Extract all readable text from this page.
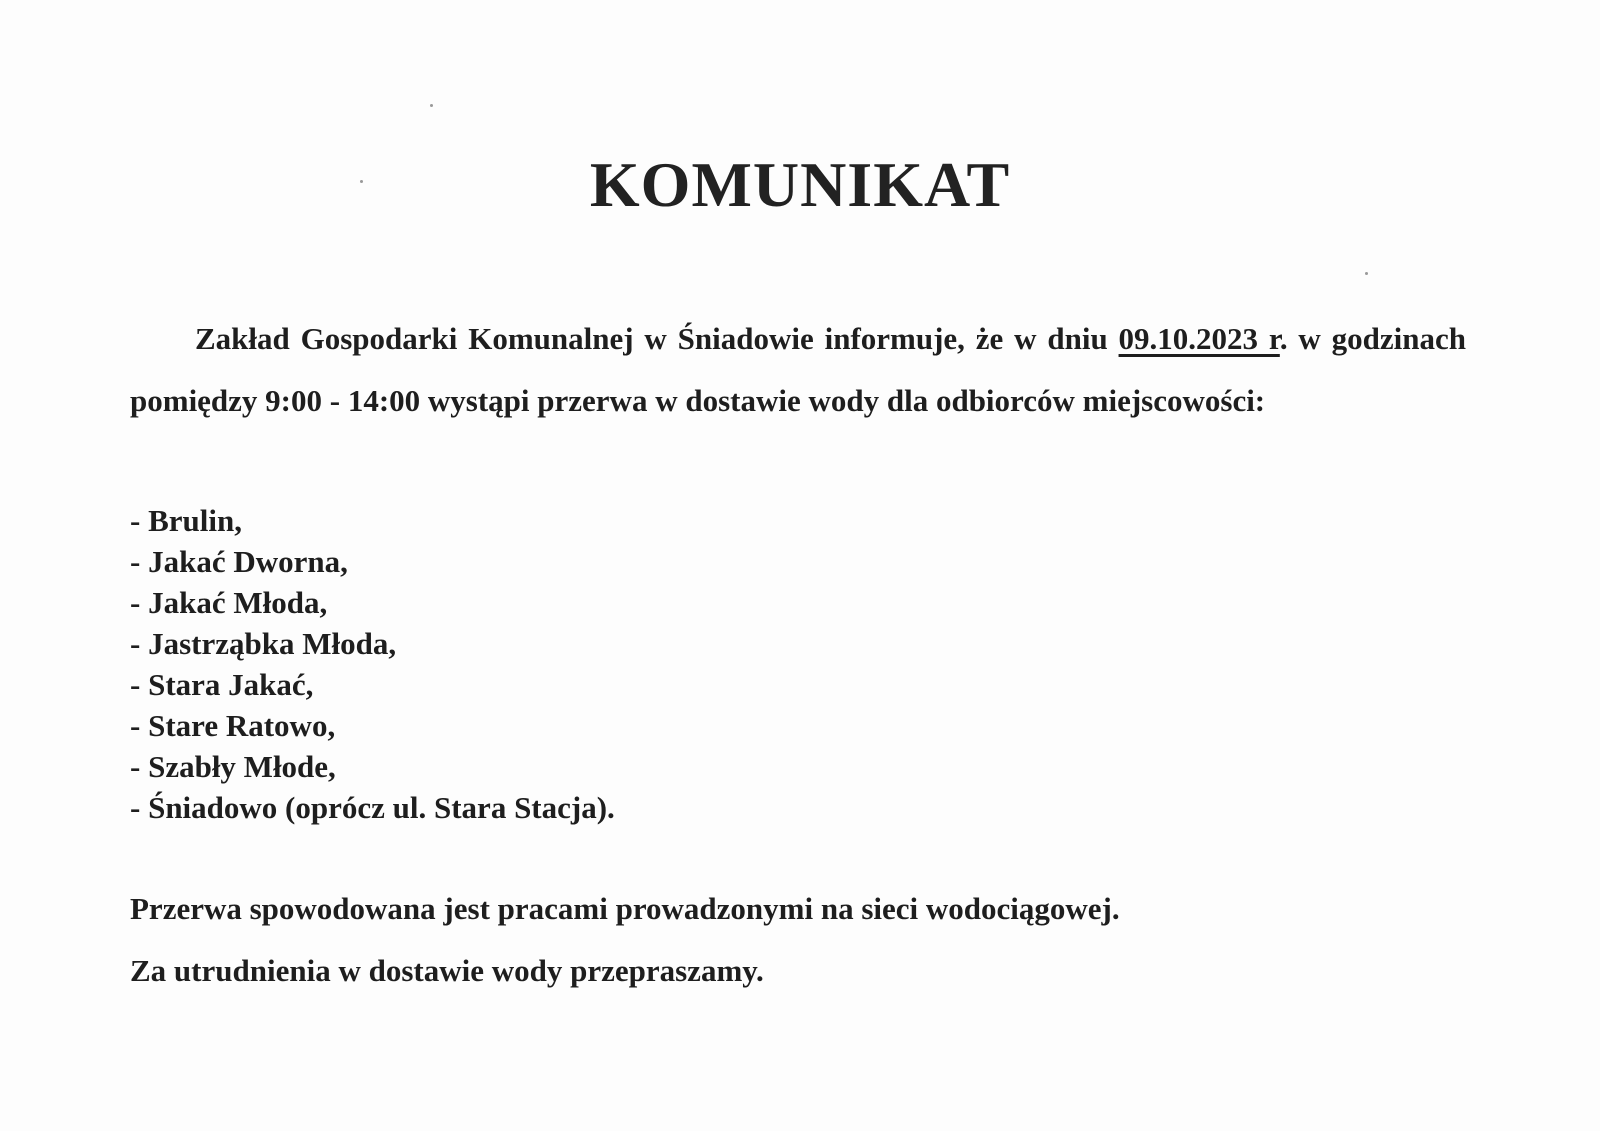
KOMUNIKAT
Zakład Gospodarki Komunalnej w Śniadowie informuje, że w dniu 09.10.2023 r. w godzinach pomiędzy 9:00 - 14:00 wystąpi przerwa w dostawie wody dla odbiorców miejscowości:
- Brulin,
- Jakać Dworna,
- Jakać Młoda,
- Jastrząbka Młoda,
- Stara Jakać,
- Stare Ratowo,
- Szabły Młode,
- Śniadowo (oprócz ul. Stara Stacja).

Przerwa spowodowana jest pracami prowadzonymi na sieci wodociągowej.

Za utrudnienia w dostawie wody przepraszamy.
